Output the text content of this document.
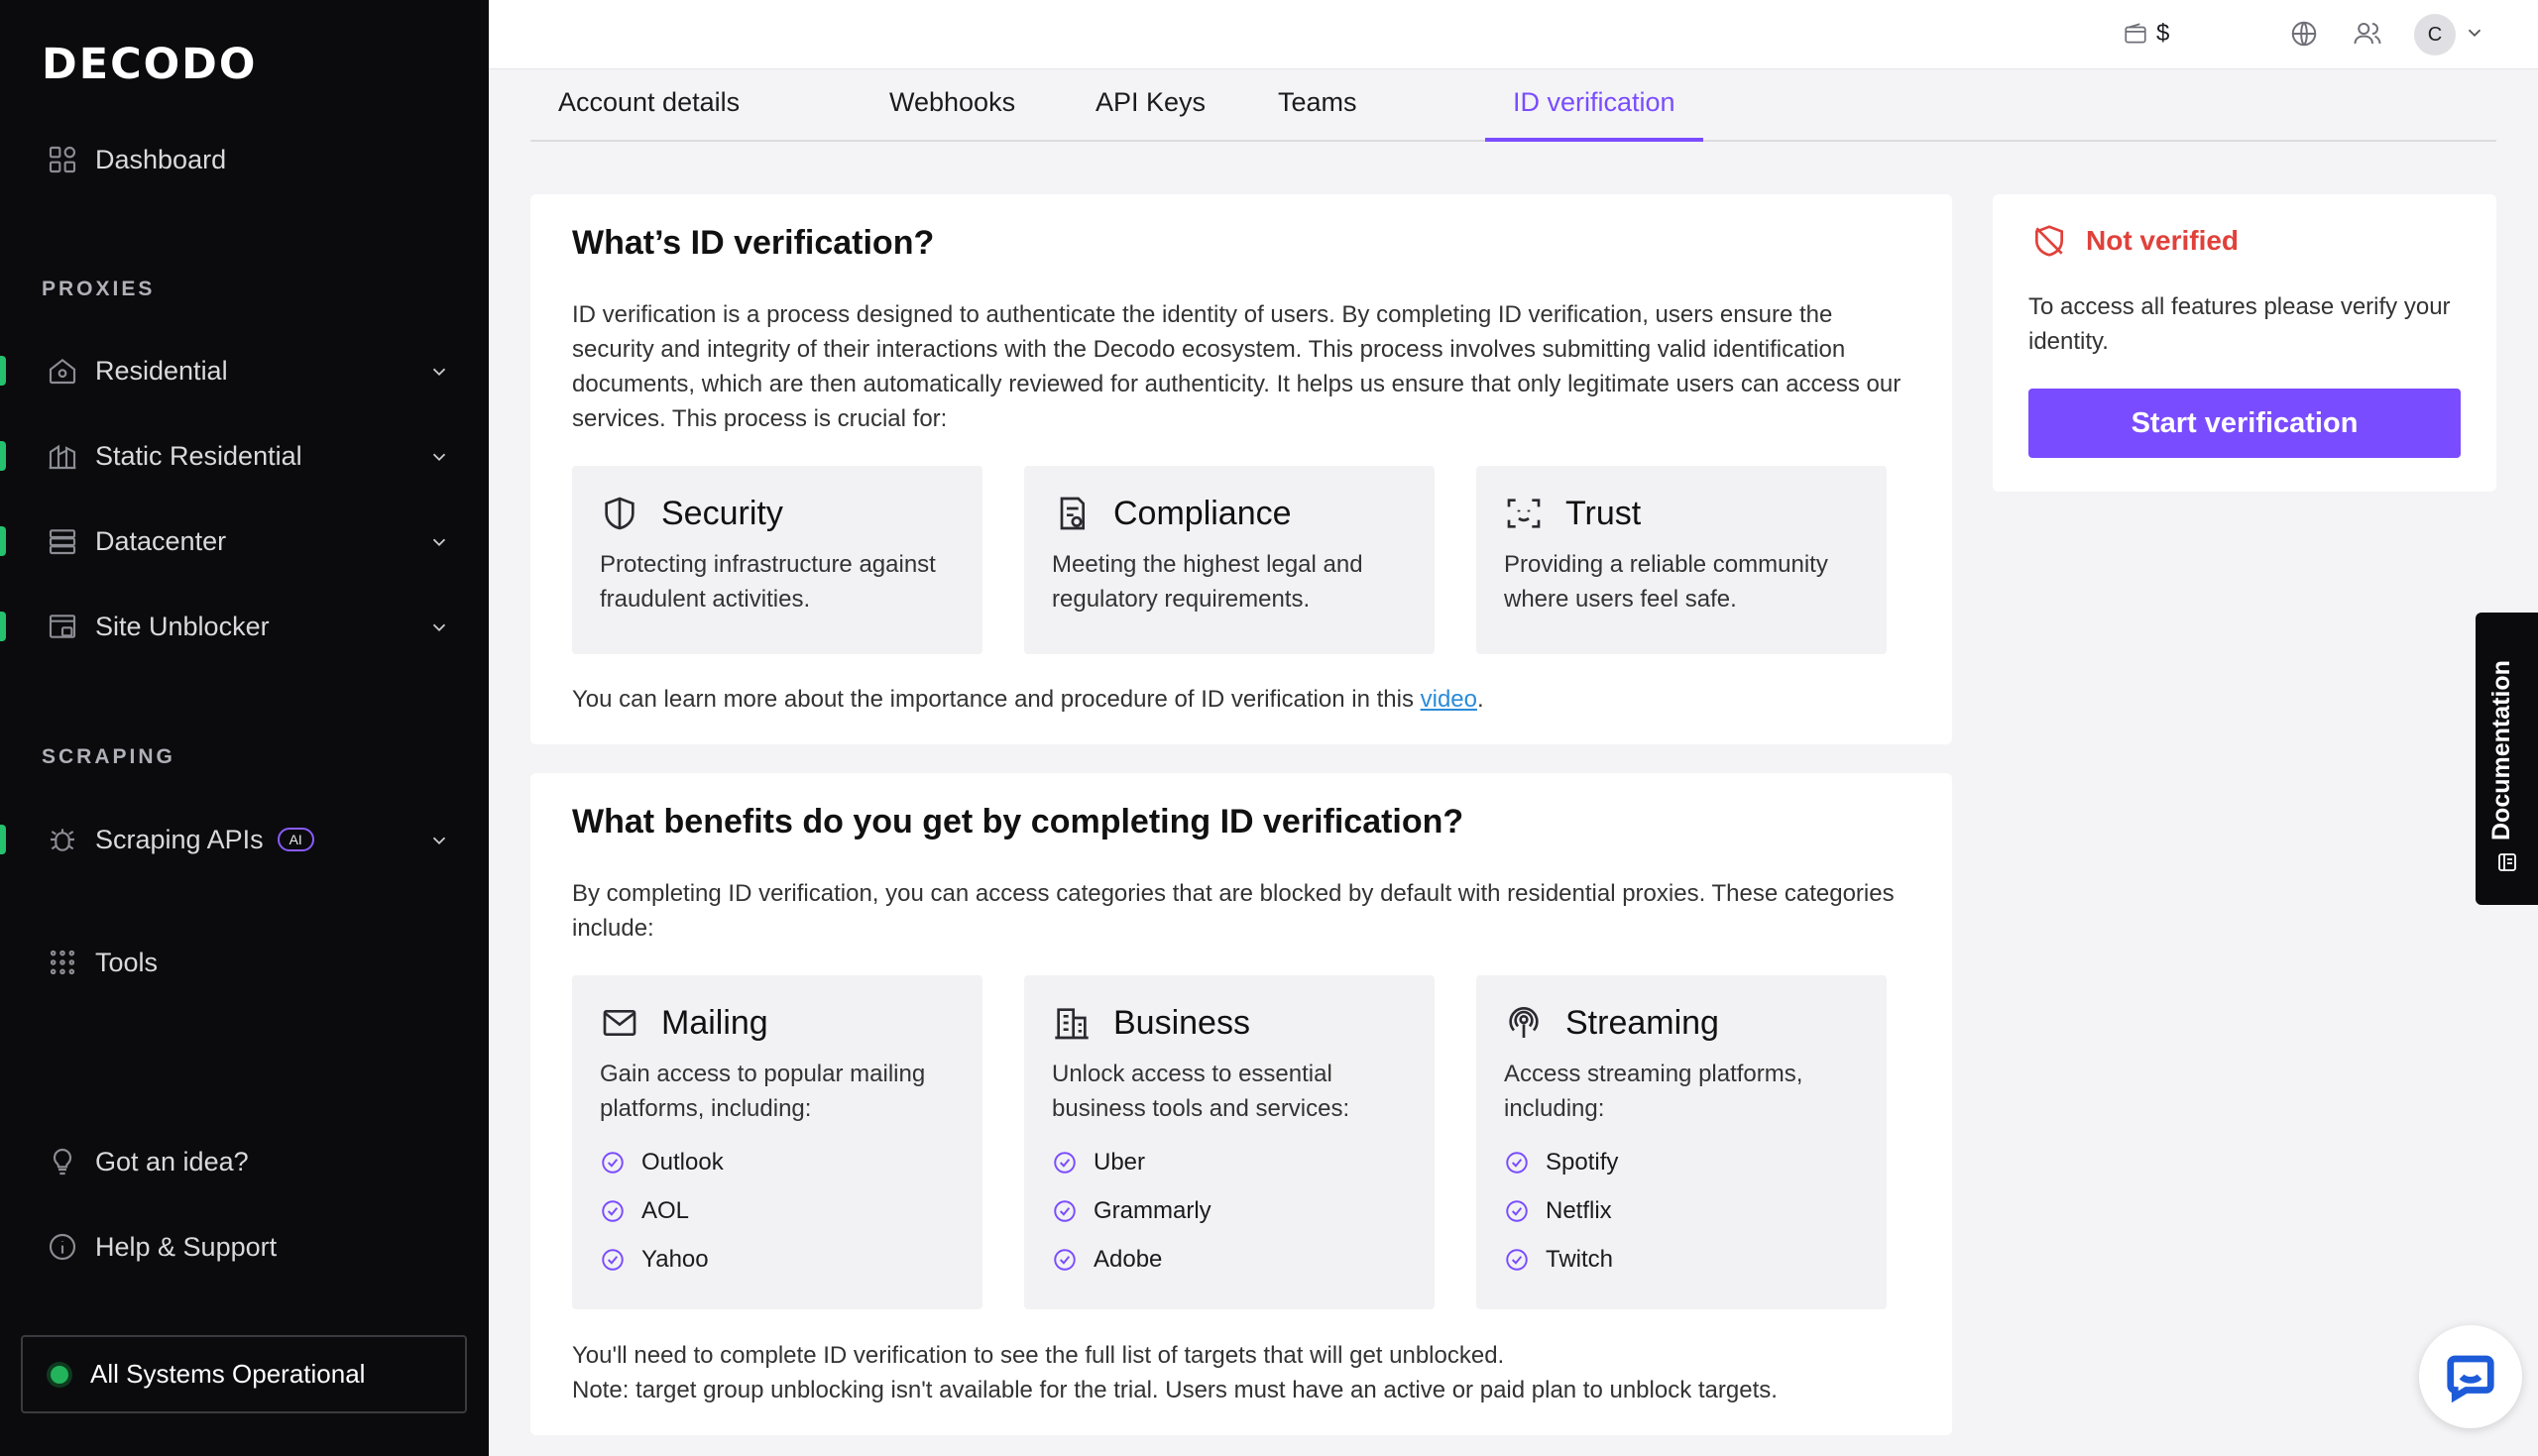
DECODO
Dashboard
PROXIES
Residential
Static Residential
Datacenter
Site Unblocker
SCRAPING
Scraping APIs	AI
Tools
Got an idea?
Help & Support
All Systems Operational
$	C
Account details	Webhooks	API Keys	Teams	ID verification
What’s ID verification?

ID verification is a process designed to authenticate the identity of users. By completing ID verification, users ensure the security and integrity of their interactions with the Decodo ecosystem. This process involves submitting valid identification documents, which are then automatically reviewed for authenticity. It helps us ensure that only legitimate users can access our services. This process is crucial for:

Security
Protecting infrastructure against fraudulent activities.
Compliance
Meeting the highest legal and regulatory requirements.
Trust
Providing a reliable community where users feel safe.

You can learn more about the importance and procedure of ID verification in this video.

What benefits do you get by completing ID verification?

By completing ID verification, you can access categories that are blocked by default with residential proxies. These categories include:

Mailing
Gain access to popular mailing platforms, including:
Outlook
AOL
Yahoo
Business
Unlock access to essential business tools and services:
Uber
Grammarly
Adobe
Streaming
Access streaming platforms, including:
Spotify
Netflix
Twitch

You'll need to complete ID verification to see the full list of targets that will get unblocked.

Note: target group unblocking isn't available for the trial. Users must have an active or paid plan to unblock targets.

Not verified

To access all features please verify your identity.

Start verification
Documentation
